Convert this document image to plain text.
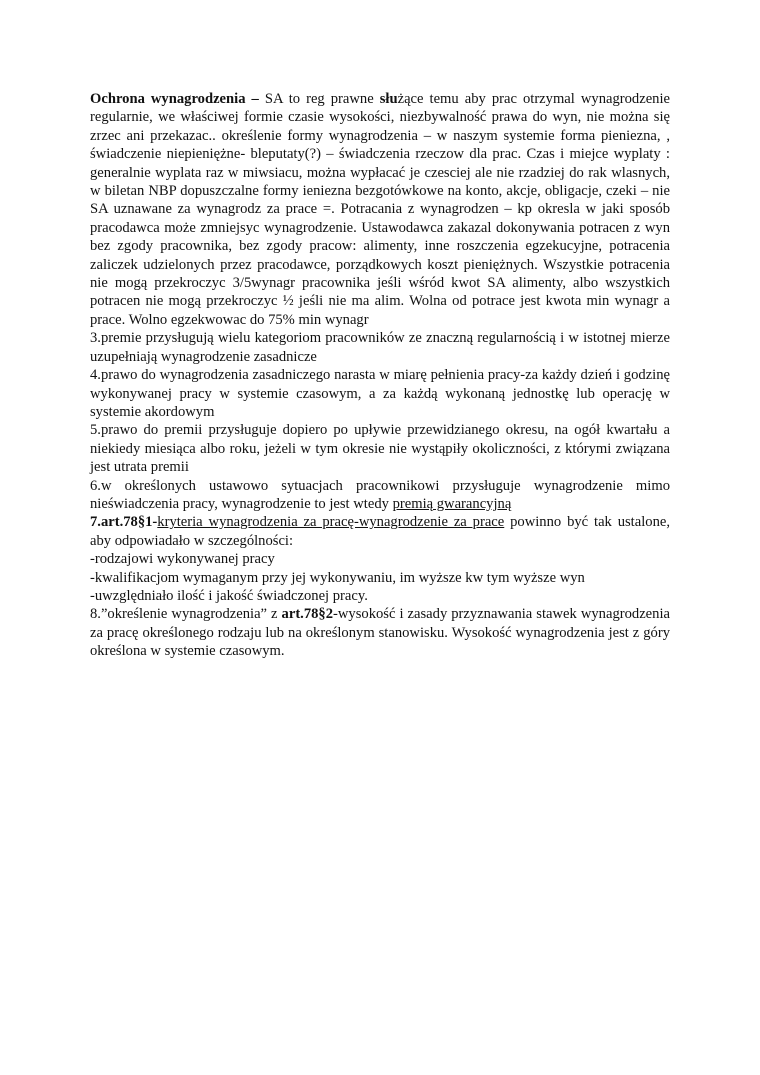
Ochrona wynagrodzenia – SA to reg prawne służące temu aby prac otrzymal wynagrodzenie regularnie, we właściwej formie czasie wysokości, niezbywalność prawa do wyn, nie można się zrzec ani przekazac.. określenie formy wynagrodzenia – w naszym systemie forma pieniezna, , świadczenie niepieniężne- bleputaty(?) – świadczenia rzeczow dla prac. Czas i miejce wyplaty : generalnie wyplata raz w miwsiacu, można wypłacać je czesciej ale nie rzadziej do rak wlasnych, w biletan NBP dopuszczalne formy ienieznа bezgotówkowe na konto, akcje, obligacje, czeki – nie SA uznawane za wynagrodz za prace =. Potracania z wynagrodzen – kp okresla w jaki sposób pracodawca może zmniejsyc wynagrodzenie. Ustawodawca zakazal dokonywania potracen z wyn bez zgody pracownika, bez zgody pracow: alimenty, inne roszczenia egzekucyjne, potracenia zaliczek udzielonych przez pracodawce, porządkowych koszt pieniężnych. Wszystkie potracenia nie mogą przekroczyc 3/5wynagr pracownika jeśli wśród kwot SA alimenty, albo wszystkich potracen nie mogą przekroczyc ½ jeśli nie ma alim. Wolna od potrace jest kwota min wynagr a prace. Wolno egzekwowac do 75% min wynagr

3.premie przysługują wielu kategoriom pracowników ze znaczną regularnością i w istotnej mierze uzupełniają wynagrodzenie zasadnicze

4.prawo do wynagrodzenia zasadniczego narasta w miarę pełnienia pracy-za każdy dzień i godzinę wykonywanej pracy w systemie czasowym, a za każdą wykonaną jednostkę lub operację w systemie akordowym

5.prawo do premii przysługuje dopiero po upływie przewidzianego okresu, na ogół kwartału a niekiedy miesiąca albo roku, jeżeli w tym okresie nie wystąpiły okoliczności, z którymi związana jest utrata premii

6.w określonych ustawowo sytuacjach pracownikowi przysługuje wynagrodzenie mimo nieświadczenia pracy, wynagrodzenie to jest wtedy premią gwarancyjną

7.art.78§1-kryteria wynagrodzenia za pracę-wynagrodzenie za prace powinno być tak ustalone, aby odpowiadało w szczególności:

-rodzajowi wykonywanej pracy

-kwalifikacjom wymaganym przy jej wykonywaniu, im wyższe kw tym wyższe wyn

-uwzględniało ilość i jakość świadczonej pracy.

8.”określenie wynagrodzenia” z art.78§2-wysokość i zasady przyznawania stawek wynagrodzenia za pracę określonego rodzaju lub na określonym stanowisku. Wysokość wynagrodzenia jest z góry określona w systemie czasowym.
